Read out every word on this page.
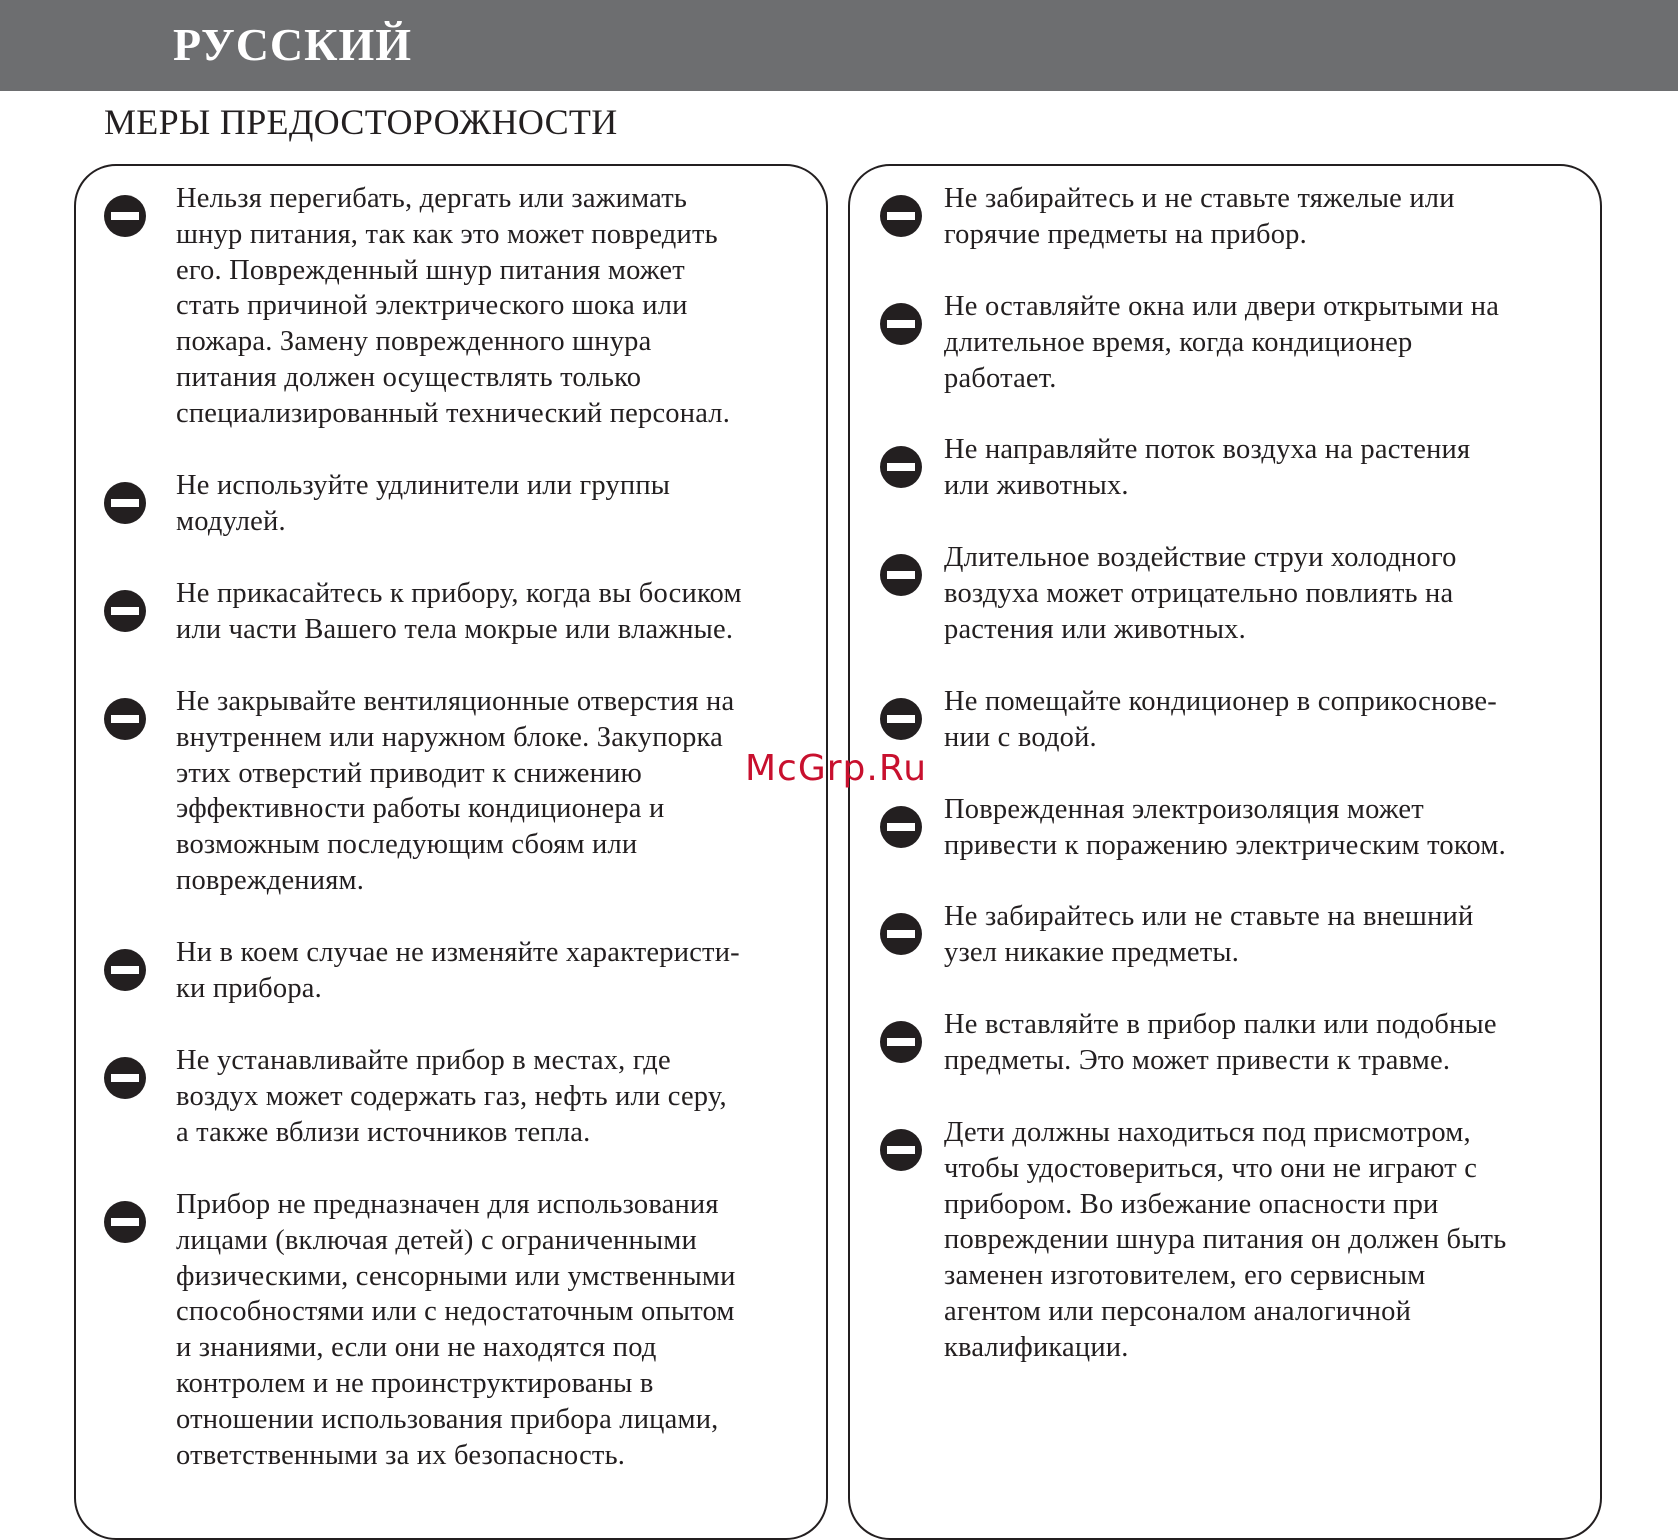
РУССКИЙ
МЕРЫ ПРЕДОСТОРОЖНОСТИ
Нельзя перегибать, дергать или зажимать
шнур питания, так как это может повредить
его. Поврежденный шнур питания может
стать причиной электрического шока или
пожара. Замену поврежденного шнура
питания должен осуществлять только
специализированный технический персонал.
Не используйте удлинители или группы
модулей.
Не прикасайтесь к прибору, когда вы босиком
или части Вашего тела мокрые или влажные.
Не закрывайте вентиляционные отверстия на
внутреннем или наружном блоке. Закупорка
этих отверстий приводит к снижению
эффективности работы кондиционера и
возможным последующим сбоям или
повреждениям.
Ни в коем случае не изменяйте характеристи-
ки прибора.
Не устанавливайте прибор в местах, где
воздух может содержать газ, нефть или серу,
а также вблизи источников тепла.
Прибор не предназначен для использования
лицами (включая детей) с ограниченными
физическими, сенсорными или умственными
способностями или с недостаточным опытом
и знаниями, если они не находятся под
контролем и не проинструктированы в
отношении использования прибора лицами,
ответственными за их безопасность.
Не забирайтесь и не ставьте тяжелые или
горячие предметы на прибор.
Не оставляйте окна или двери открытыми на
длительное время, когда кондиционер
работает.
Не направляйте поток воздуха на растения
или животных.
Длительное воздействие струи холодного
воздуха может отрицательно повлиять на
растения или животных.
Не помещайте кондиционер в соприкоснове-
нии с водой.
Поврежденная электроизоляция может
привести к поражению электрическим током.
Не забирайтесь или не ставьте на внешний
узел никакие предметы.
Не вставляйте в прибор палки или подобные
предметы. Это может привести к травме.
Дети должны находиться под присмотром,
чтобы удостовериться, что они не играют с
прибором. Во избежание опасности при
повреждении шнура питания он должен быть
заменен изготовителем, его сервисным
агентом или персоналом аналогичной
квалификации.
McGrp.Ru
